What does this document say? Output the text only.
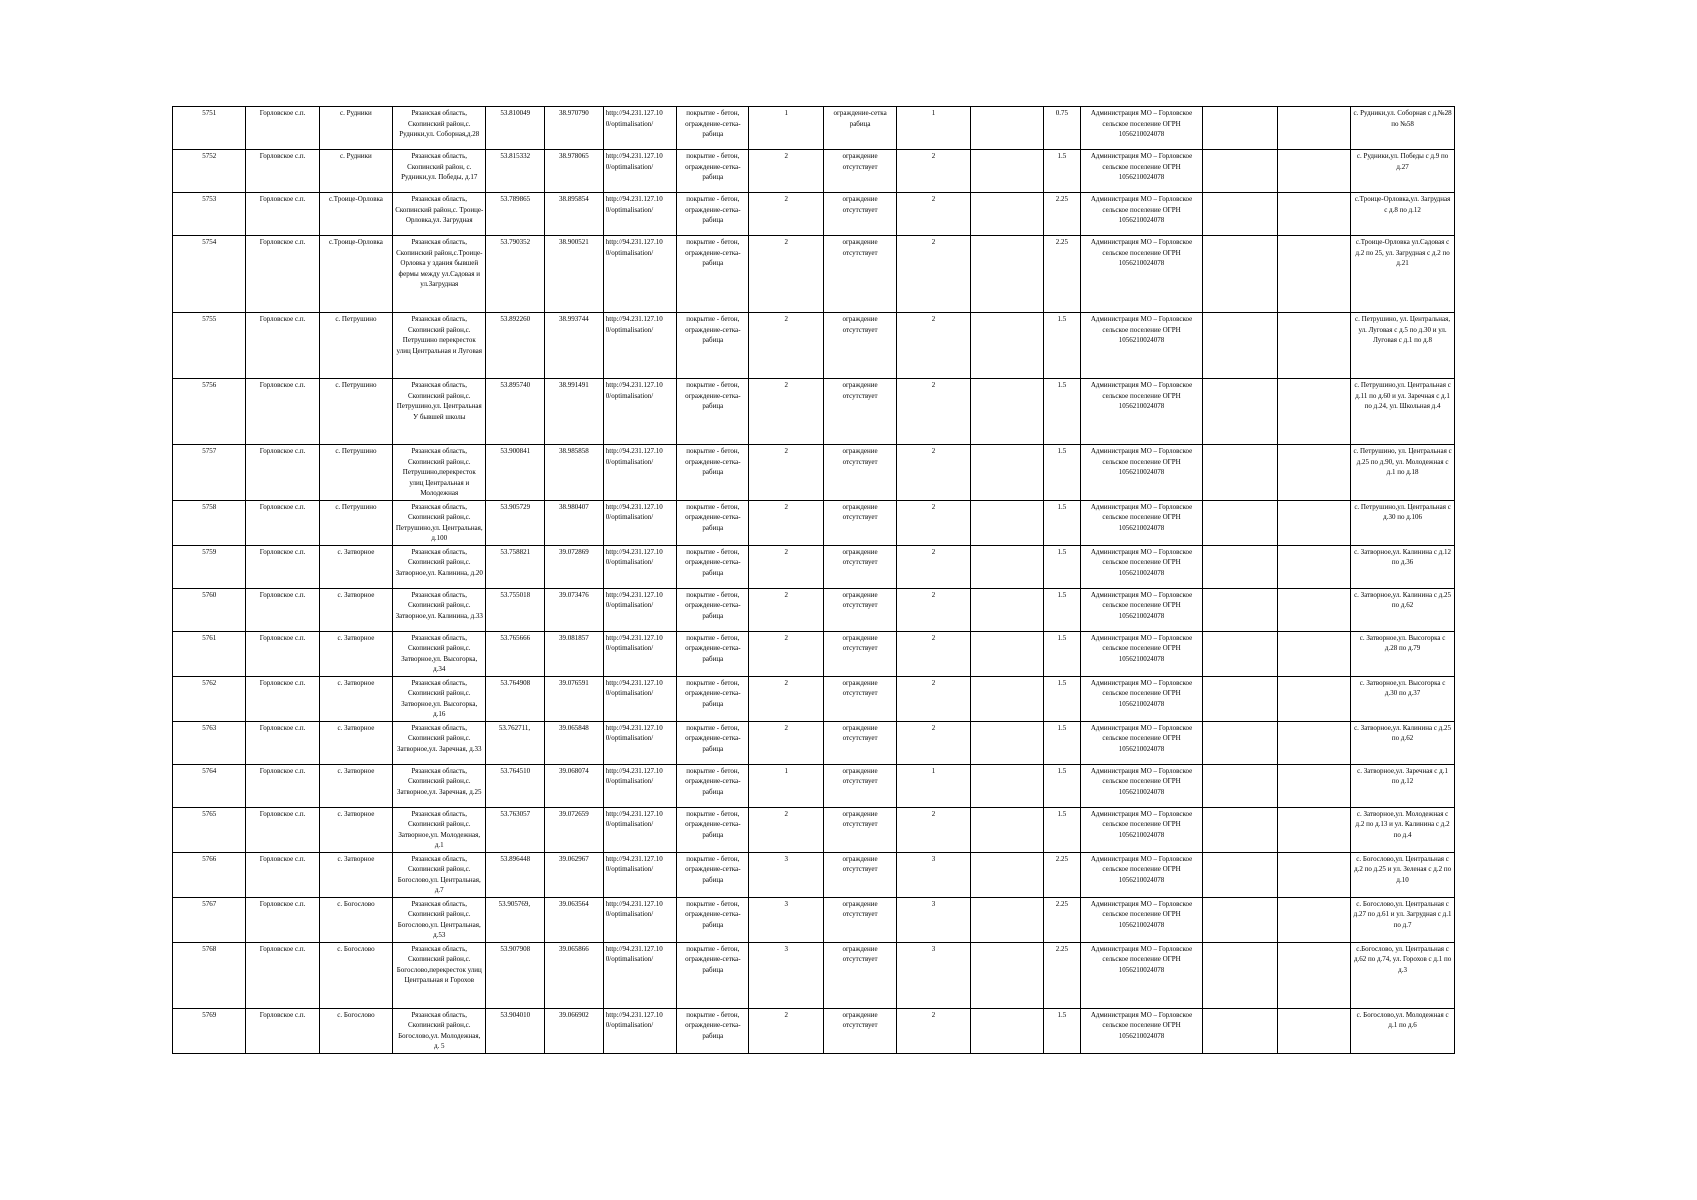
5751	Горловское с.п.	с. Рудники	Рязанская область, Скопинский район,с. Рудники,ул. Соборная,д.28	53.810049	38.970790	http://94.231.127.10 0/optimalisation/	покрытие - бетон, ограждение-сетка-рабица	1	ограждение-сетка рабица	1		0.75	Администрация МО – Горловское сельское поселение ОГРН 1056210024078			с. Рудники,ул. Соборная с д.№28 по №58
5752	Горловское с.п.	с. Рудники	Рязанская область, Скопинский район, с. Рудники,ул. Победы, д.17	53.815332	38.978065	http://94.231.127.10 0/optimalisation/	покрытие - бетон, ограждение-сетка-рабица	2	ограждение отсутствует	2		1.5	Администрация МО – Горловское сельское поселение ОГРН 1056210024078			с. Рудники,ул. Победы с д.9 по д.27
5753	Горловское с.п.	с.Троице-Орловка	Рязанская область, Скопинский район,с. Троице-Орловка,ул. Загрудная	53.789865	38.895854	http://94.231.127.10 0/optimalisation/	покрытие - бетон, ограждение-сетка-рабица	2	ограждение отсутствует	2		2.25	Администрация МО – Горловское сельское поселение ОГРН 1056210024078			с.Троице-Орловка,ул. Загрудная с д.8 по д.12
5754	Горловское с.п.	с.Троице-Орловка	Рязанская область, Скопинский район,с.Троице-Орловка у здания бывшей фермы между ул.Садовая и ул.Загрудная	53.790352	38.900521	http://94.231.127.10 0/optimalisation/	покрытие - бетон, ограждение-сетка-рабица	2	ограждение отсутствует	2		2.25	Администрация МО – Горловское сельское поселение ОГРН 1056210024078			с.Троице-Орловка ул.Садовая с д.2 по 25, ул. Загрудная с д.2 по д.21
5755	Горловское с.п.	с. Петрушино	Рязанская область, Скопинский район,с. Петрушино перекресток улиц Центральная и Луговая	53.892260	38.993744	http://94.231.127.10 0/optimalisation/	покрытие - бетон, ограждение-сетка-рабица	2	ограждение отсутствует	2		1.5	Администрация МО – Горловское сельское поселение ОГРН 1056210024078			с. Петрушино, ул. Центральная, ул. Луговая с д.5 по д.30 и ул. Луговая с д.1 по д.8
5756	Горловское с.п.	с. Петрушино	Рязанская область, Скопинский район,с. Петрушино,ул. Центральная У бывшей школы	53.895740	38.991491	http://94.231.127.10 0/optimalisation/	покрытие - бетон, ограждение-сетка-рабица	2	ограждение отсутствует	2		1.5	Администрация МО – Горловское сельское поселение ОГРН 1056210024078			с. Петрушино,ул. Центральная с д.11 по д.60 и ул. Заречная с д.1 по д.24, ул. Школьная д.4
5757	Горловское с.п.	с. Петрушино	Рязанская область, Скопинский район,с. Петрушино,перекресток улиц Центральная и Молодежная	53.900841	38.985858	http://94.231.127.10 0/optimalisation/	покрытие - бетон, ограждение-сетка-рабица	2	ограждение отсутствует	2		1.5	Администрация МО – Горловское сельское поселение ОГРН 1056210024078			с. Петрушино, ул. Центральная с д.25 по д.90, ул. Молодежная с д.1 по д.18
5758	Горловское с.п.	с. Петрушино	Рязанская область, Скопинский район,с. Петрушино,ул. Центральная, д.100	53.905729	38.980407	http://94.231.127.10 0/optimalisation/	покрытие - бетон, ограждение-сетка-рабица	2	ограждение отсутствует	2		1.5	Администрация МО – Горловское сельское поселение ОГРН 1056210024078			с. Петрушино,ул. Центральная с д.30 по д.106
5759	Горловское с.п.	с. Затворное	Рязанская область, Скопинский район,с. Затворное,ул. Калинина, д.20	53.758821	39.072869	http://94.231.127.10 0/optimalisation/	покрытие - бетон, ограждение-сетка-рабица	2	ограждение отсутствует	2		1.5	Администрация МО – Горловское сельское поселение ОГРН 1056210024078			с. Затворное,ул. Калинина с д.12 по д.36
5760	Горловское с.п.	с. Затворное	Рязанская область, Скопинский район,с. Затворное,ул. Калинина, д.33	53.755018	39.073476	http://94.231.127.10 0/optimalisation/	покрытие - бетон, ограждение-сетка-рабица	2	ограждение отсутствует	2		1.5	Администрация МО – Горловское сельское поселение ОГРН 1056210024078			с. Затворное,ул. Калинина с д.25 по д.62
5761	Горловское с.п.	с. Затворное	Рязанская область, Скопинский район,с. Затворное,ул. Высогорка, д.34	53.765666	39.081857	http://94.231.127.10 0/optimalisation/	покрытие - бетон, ограждение-сетка-рабица	2	ограждение отсутствует	2		1.5	Администрация МО – Горловское сельское поселение ОГРН 1056210024078			с. Затворное,ул. Высогорка с д.28 по д.79
5762	Горловское с.п.	с. Затворное	Рязанская область, Скопинский район,с. Затворное,ул. Высогорка, д.16	53.764908	39.076591	http://94.231.127.10 0/optimalisation/	покрытие - бетон, ограждение-сетка-рабица	2	ограждение отсутствует	2		1.5	Администрация МО – Горловское сельское поселение ОГРН 1056210024078			с. Затворное,ул. Высогорка с д.30 по д.37
5763	Горловское с.п.	с. Затворное	Рязанская область, Скопинский район,с. Затворное,ул. Заречная, д.33	53.762711,	39.065848	http://94.231.127.10 0/optimalisation/	покрытие - бетон, ограждение-сетка-рабица	2	ограждение отсутствует	2		1.5	Администрация МО – Горловское сельское поселение ОГРН 1056210024078			с. Затворное,ул. Калинина с д.25 по д.62
5764	Горловское с.п.	с. Затворное	Рязанская область, Скопинский район,с. Затворное,ул. Заречная, д.25	53.764510	39.068074	http://94.231.127.10 0/optimalisation/	покрытие - бетон, ограждение-сетка-рабица	1	ограждение отсутствует	1		1.5	Администрация МО – Горловское сельское поселение ОГРН 1056210024078			с. Затворное,ул. Заречная с д.1 по д.12
5765	Горловское с.п.	с. Затворное	Рязанская область, Скопинский район,с. Затворное,ул. Молодежная, д.1	53.763057	39.072659	http://94.231.127.10 0/optimalisation/	покрытие - бетон, ограждение-сетка-рабица	2	ограждение отсутствует	2		1.5	Администрация МО – Горловское сельское поселение ОГРН 1056210024078			с. Затворное,ул. Молодежная с д.2 по д.13 и ул. Калинина с д.2 по д.4
5766	Горловское с.п.	с. Затворное	Рязанская область, Скопинский район,с. Богослово,ул. Центральная, д.7	53.896448	39.062967	http://94.231.127.10 0/optimalisation/	покрытие - бетон, ограждение-сетка-рабица	3	ограждение отсутствует	3		2.25	Администрация МО – Горловское сельское поселение ОГРН 1056210024078			с. Богослово,ул. Центральная с д.2 по д.25 и ул. Зеленая с д.2 по д.10
5767	Горловское с.п.	с. Богослово	Рязанская область, Скопинский район,с. Богослово,ул. Центральная, д.53	53.905769,	39.063564	http://94.231.127.10 0/optimalisation/	покрытие - бетон, ограждение-сетка-рабица	3	ограждение отсутствует	3		2.25	Администрация МО – Горловское сельское поселение ОГРН 1056210024078			с. Богослово,ул. Центральная с д.27 по д.61 и ул. Загрудная с д.1 по д.7
5768	Горловское с.п.	с. Богослово	Рязанская область, Скопинский район,с. Богослово,перекресток улиц Центральная и Горохов	53.907908	39.065866	http://94.231.127.10 0/optimalisation/	покрытие - бетон, ограждение-сетка-рабица	3	ограждение отсутствует	3		2.25	Администрация МО – Горловское сельское поселение ОГРН 1056210024078			с.Богослово, ул. Центральная с д.62 по д.74, ул. Горохов с д.1 по д.3
5769	Горловское с.п.	с. Богослово	Рязанская область, Скопинский район,с. Богослово,ул. Молодежная, д. 5	53.904010	39.066902	http://94.231.127.10 0/optimalisation/	покрытие - бетон, ограждение-сетка-рабица	2	ограждение отсутствует	2		1.5	Администрация МО – Горловское сельское поселение ОГРН 1056210024078			с. Богослово,ул. Молодежная с д.1 по д.6
